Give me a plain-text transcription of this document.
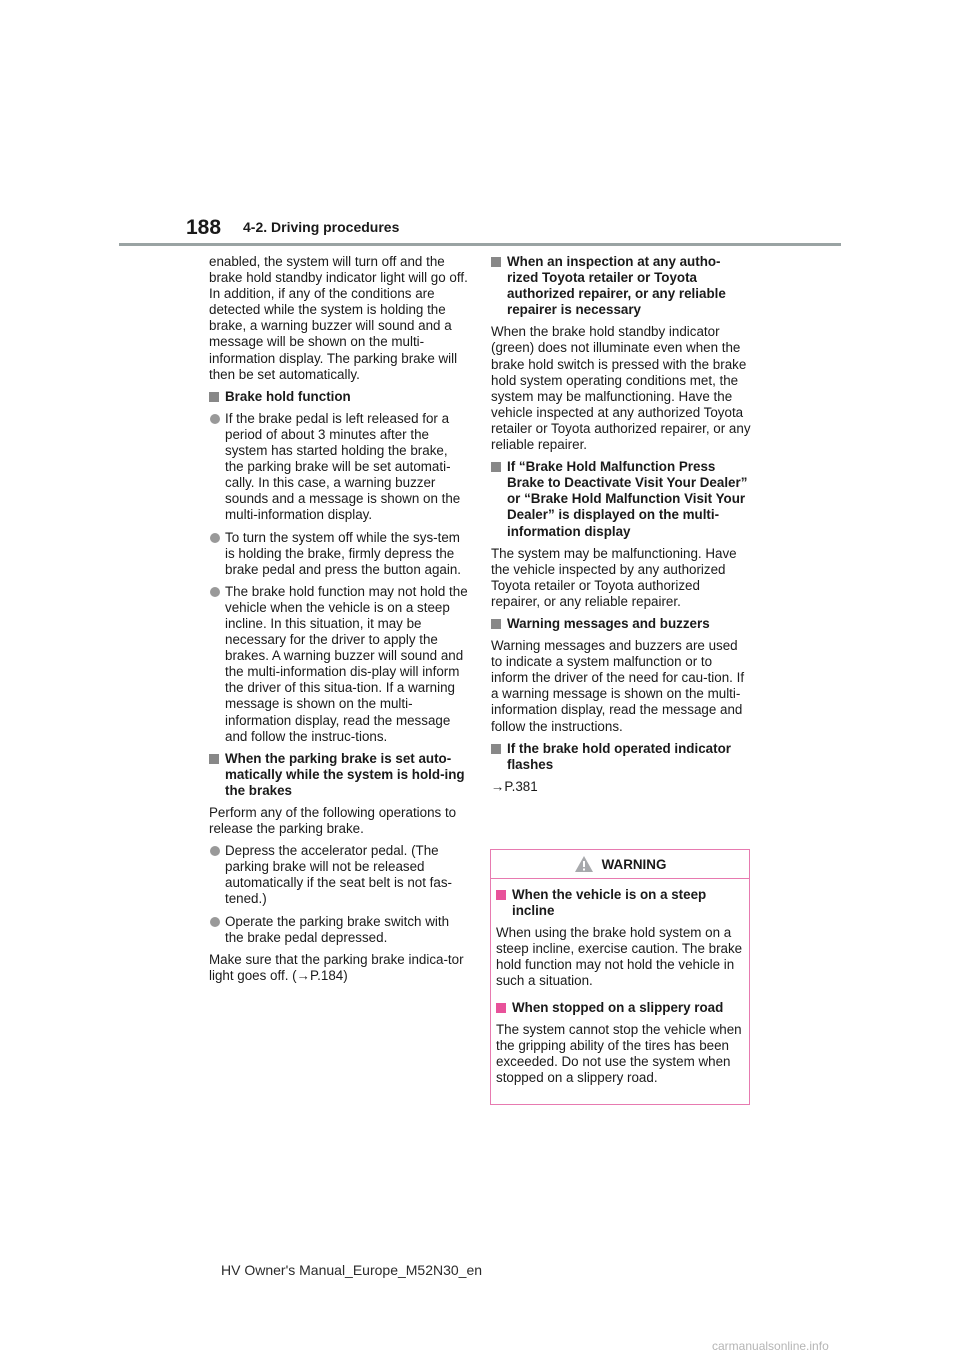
188 4-2. Driving procedures

enabled, the system will turn off and the brake hold standby indicator light will go off. In addition, if any of the conditions are detected while the system is holding the brake, a warning buzzer will sound and a message will be shown on the multi-information display. The parking brake will then be set automatically.

Brake hold function
If the brake pedal is left released for a period of about 3 minutes after the system has started holding the brake, the parking brake will be set automati-cally. In this case, a warning buzzer sounds and a message is shown on the multi-information display.
To turn the system off while the sys-tem is holding the brake, firmly depress the brake pedal and press the button again.
The brake hold function may not hold the vehicle when the vehicle is on a steep incline. In this situation, it may be necessary for the driver to apply the brakes. A warning buzzer will sound and the multi-information dis-play will inform the driver of this situa-tion. If a warning message is shown on the multi-information display, read the message and follow the instruc-tions.
When the parking brake is set auto-matically while the system is hold-ing the brakes

Perform any of the following operations to release the parking brake.

Depress the accelerator pedal. (The parking brake will not be released automatically if the seat belt is not fas-tened.)
Operate the parking brake switch with the brake pedal depressed.

Make sure that the parking brake indica-tor light goes off. (→P.184)

When an inspection at any autho-rized Toyota retailer or Toyota authorized repairer, or any reliable repairer is necessary

When the brake hold standby indicator (green) does not illuminate even when the brake hold switch is pressed with the brake hold system operating conditions met, the system may be malfunctioning. Have the vehicle inspected at any authorized Toyota retailer or Toyota authorized repairer, or any reliable repairer.

If “Brake Hold Malfunction Press Brake to Deactivate Visit Your Dealer” or “Brake Hold Malfunction Visit Your Dealer” is displayed on the multi-information display

The system may be malfunctioning. Have the vehicle inspected by any authorized Toyota retailer or Toyota authorized repairer, or any reliable repairer.

Warning messages and buzzers

Warning messages and buzzers are used to indicate a system malfunction or to inform the driver of the need for cau-tion. If a warning message is shown on the multi-information display, read the message and follow the instructions.

If the brake hold operated indicator flashes

→P.381

WARNING
When the vehicle is on a steep incline

When using the brake hold system on a steep incline, exercise caution. The brake hold function may not hold the vehicle in such a situation.

When stopped on a slippery road

The system cannot stop the vehicle when the gripping ability of the tires has been exceeded. Do not use the system when stopped on a slippery road.

HV Owner's Manual_Europe_M52N30_en
carmanualsonline.info
